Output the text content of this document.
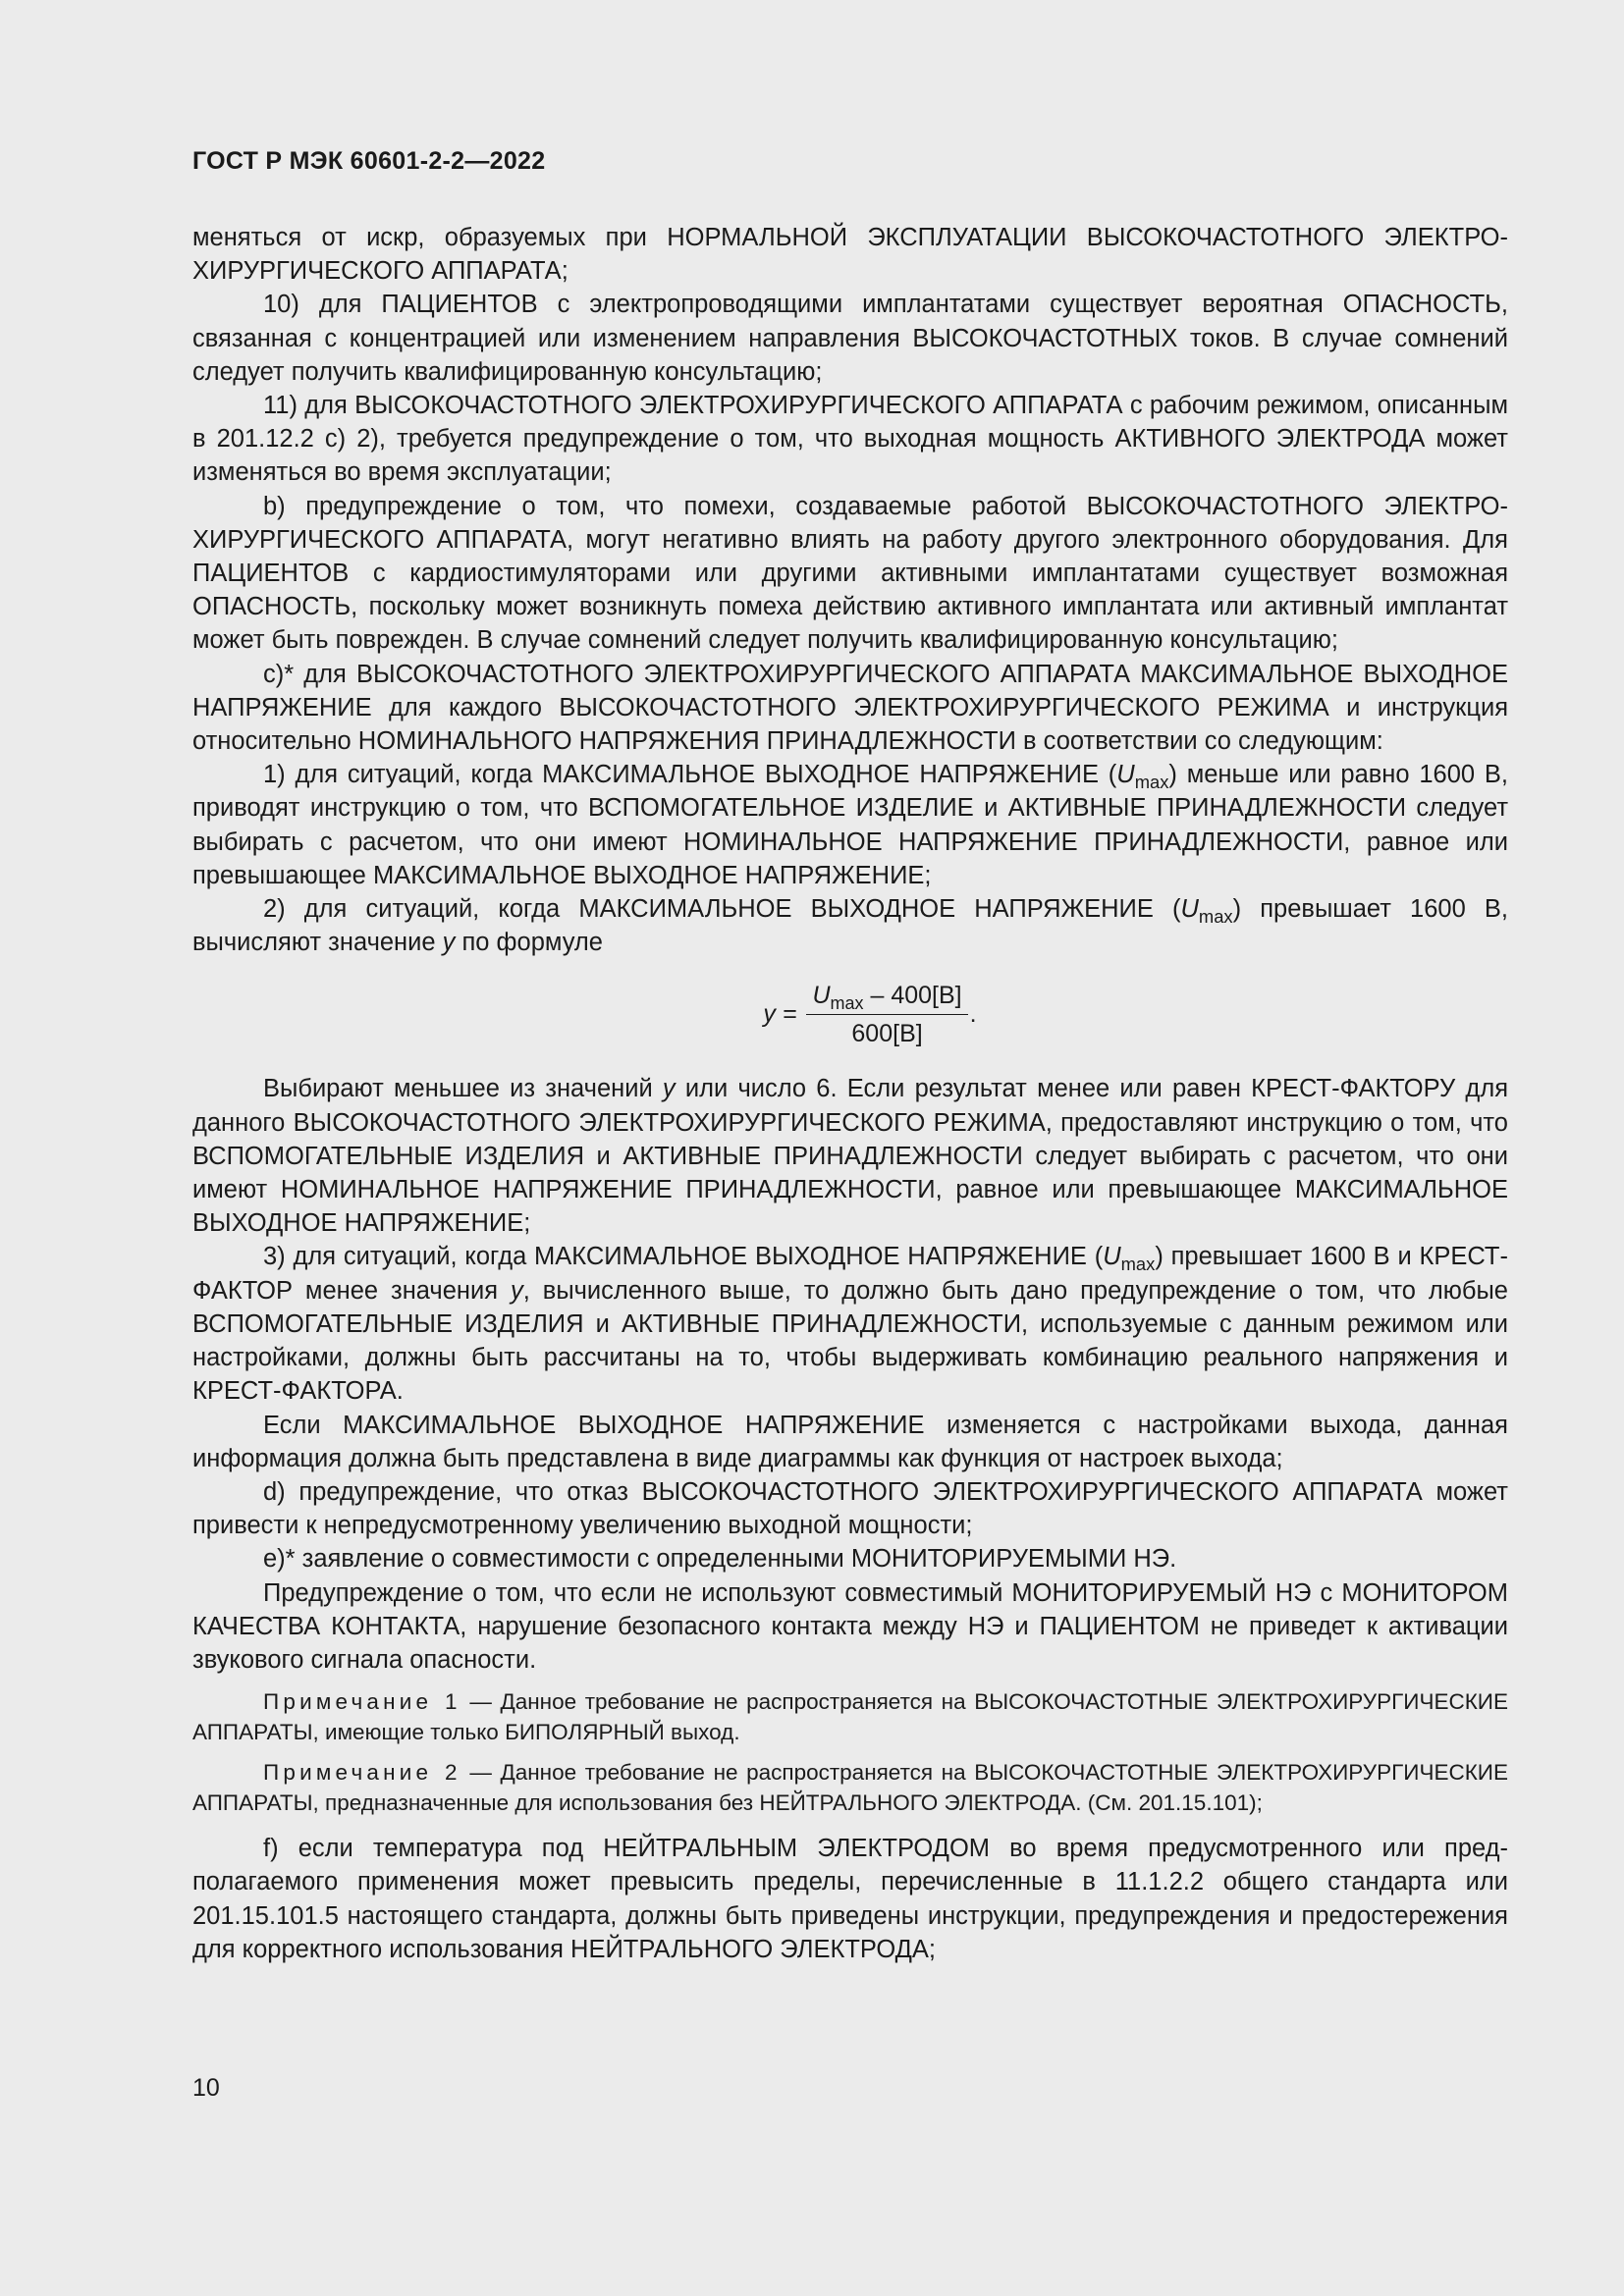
ГОСТ Р МЭК 60601-2-2—2022

меняться от искр, образуемых при НОРМАЛЬНОЙ ЭКСПЛУАТАЦИИ ВЫСОКОЧАСТОТНОГО ЭЛЕКТРОХИРУРГИЧЕСКОГО АППАРАТА;

10) для ПАЦИЕНТОВ с электропроводящими имплантатами существует вероятная ОПАСНОСТЬ, связанная с концентрацией или изменением направления ВЫСОКОЧАСТОТНЫХ токов. В случае сомнений следует получить квалифицированную консультацию;

11) для ВЫСОКОЧАСТОТНОГО ЭЛЕКТРОХИРУРГИЧЕСКОГО АППАРАТА с рабочим режимом, описанным в 201.12.2 с) 2), требуется предупреждение о том, что выходная мощность АКТИВНОГО ЭЛЕКТРОДА может изменяться во время эксплуатации;

b) предупреждение о том, что помехи, создаваемые работой ВЫСОКОЧАСТОТНОГО ЭЛЕКТРОХИРУРГИЧЕСКОГО АППАРАТА, могут негативно влиять на работу другого электронного оборудования. Для ПАЦИЕНТОВ с кардиостимуляторами или другими активными имплантатами существует возможная ОПАСНОСТЬ, поскольку может возникнуть помеха действию активного имплантата или активный имплантат может быть поврежден. В случае сомнений следует получить квалифицированную консультацию;

с)* для ВЫСОКОЧАСТОТНОГО ЭЛЕКТРОХИРУРГИЧЕСКОГО АППАРАТА МАКСИМАЛЬНОЕ ВЫХОДНОЕ НАПРЯЖЕНИЕ для каждого ВЫСОКОЧАСТОТНОГО ЭЛЕКТРОХИРУРГИЧЕСКОГО РЕЖИМА и инструкция относительно НОМИНАЛЬНОГО НАПРЯЖЕНИЯ ПРИНАДЛЕЖНОСТИ в соответствии со следующим:

1) для ситуаций, когда МАКСИМАЛЬНОЕ ВЫХОДНОЕ НАПРЯЖЕНИЕ $(U_{max})$ меньше или равно 1600 В, приводят инструкцию о том, что ВСПОМОГАТЕЛЬНОЕ ИЗДЕЛИЕ и АКТИВНЫЕ ПРИНАДЛЕЖНОСТИ следует выбирать с расчетом, что они имеют НОМИНАЛЬНОЕ НАПРЯЖЕНИЕ ПРИНАДЛЕЖНОСТИ, равное или превышающее МАКСИМАЛЬНОЕ ВЫХОДНОЕ НАПРЯЖЕНИЕ;

2) для ситуаций, когда МАКСИМАЛЬНОЕ ВЫХОДНОЕ НАПРЯЖЕНИЕ $(U_{max})$ превышает 1600 В, вычисляют значение y по формуле

$y = \frac{U_{max} - 400[В]}{600[В]}$ .

Выбирают меньшее из значений y или число 6. Если результат менее или равен КРЕСТ-ФАКТОРУ для данного ВЫСОКОЧАСТОТНОГО ЭЛЕКТРОХИРУРГИЧЕСКОГО РЕЖИМА, предоставляют инструкцию о том, что ВСПОМОГАТЕЛЬНЫЕ ИЗДЕЛИЯ и АКТИВНЫЕ ПРИНАДЛЕЖНОСТИ следует выбирать с расчетом, что они имеют НОМИНАЛЬНОЕ НАПРЯЖЕНИЕ ПРИНАДЛЕЖНОСТИ, равное или превышающее МАКСИМАЛЬНОЕ ВЫХОДНОЕ НАПРЯЖЕНИЕ;

3) для ситуаций, когда МАКСИМАЛЬНОЕ ВЫХОДНОЕ НАПРЯЖЕНИЕ $(U_{max})$ превышает 1600 В и КРЕСТ-ФАКТОР менее значения y, вычисленного выше, то должно быть дано предупреждение о том, что любые ВСПОМОГАТЕЛЬНЫЕ ИЗДЕЛИЯ и АКТИВНЫЕ ПРИНАДЛЕЖНОСТИ, используемые с данным режимом или настройками, должны быть рассчитаны на то, чтобы выдерживать комбинацию реального напряжения и КРЕСТ-ФАКТОРА.

Если МАКСИМАЛЬНОЕ ВЫХОДНОЕ НАПРЯЖЕНИЕ изменяется с настройками выхода, данная информация должна быть представлена в виде диаграммы как функция от настроек выхода;

d) предупреждение, что отказ ВЫСОКОЧАСТОТНОГО ЭЛЕКТРОХИРУРГИЧЕСКОГО АППАРАТА может привести к непредусмотренному увеличению выходной мощности;

е)* заявление о совместимости с определенными МОНИТОРИРУЕМЫМИ НЭ.

Предупреждение о том, что если не используют совместимый МОНИТОРИРУЕМЫЙ НЭ с МОНИТОРОМ КАЧЕСТВА КОНТАКТА, нарушение безопасного контакта между НЭ и ПАЦИЕНТОМ не приведет к активации звукового сигнала опасности.

Примечание 1 — Данное требование не распространяется на ВЫСОКОЧАСТОТНЫЕ ЭЛЕКТРОХИРУРГИЧЕСКИЕ АППАРАТЫ, имеющие только БИПОЛЯРНЫЙ выход.

Примечание 2 — Данное требование не распространяется на ВЫСОКОЧАСТОТНЫЕ ЭЛЕКТРОХИРУРГИЧЕСКИЕ АППАРАТЫ, предназначенные для использования без НЕЙТРАЛЬНОГО ЭЛЕКТРОДА. (См. 201.15.101);

f) если температура под НЕЙТРАЛЬНЫМ ЭЛЕКТРОДОМ во время предусмотренного или предполагаемого применения может превысить пределы, перечисленные в 11.1.2.2 общего стандарта или 201.15.101.5 настоящего стандарта, должны быть приведены инструкции, предупреждения и предостережения для корректного использования НЕЙТРАЛЬНОГО ЭЛЕКТРОДА;

10
